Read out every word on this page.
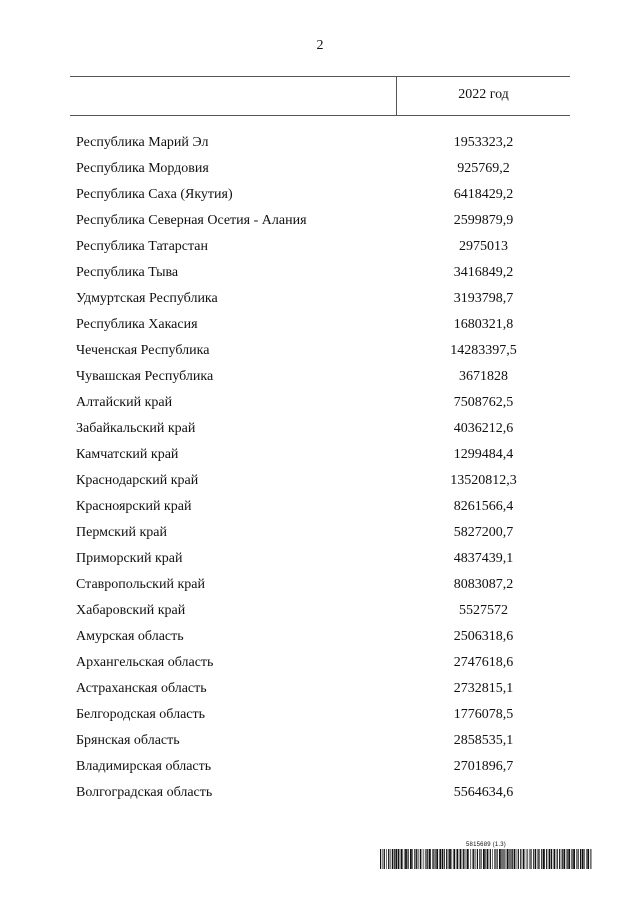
2
2022 год
Республика Марий Эл	1953323,2
Республика Мордовия	925769,2
Республика Саха (Якутия)	6418429,2
Республика Северная Осетия - Алания	2599879,9
Республика Татарстан	2975013
Республика Тыва	3416849,2
Удмуртская Республика	3193798,7
Республика Хакасия	1680321,8
Чеченская Республика	14283397,5
Чувашская Республика	3671828
Алтайский край	7508762,5
Забайкальский край	4036212,6
Камчатский край	1299484,4
Краснодарский край	13520812,3
Красноярский край	8261566,4
Пермский край	5827200,7
Приморский край	4837439,1
Ставропольский край	8083087,2
Хабаровский край	5527572
Амурская область	2506318,6
Архангельская область	2747618,6
Астраханская область	2732815,1
Белгородская область	1776078,5
Брянская область	2858535,1
Владимирская область	2701896,7
Волгоградская область	5564634,6
5815689 (1.3)
